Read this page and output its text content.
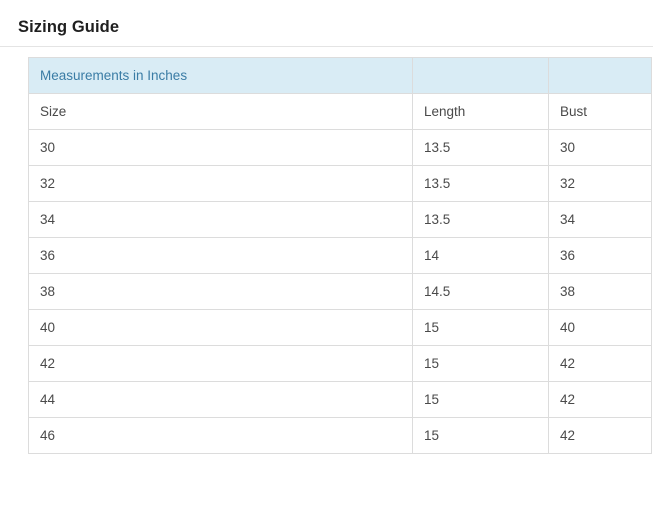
Sizing Guide
Measurements in Inches		
Size	Length	Bust
30	13.5	30
32	13.5	32
34	13.5	34
36	14	36
38	14.5	38
40	15	40
42	15	42
44	15	42
46	15	42
